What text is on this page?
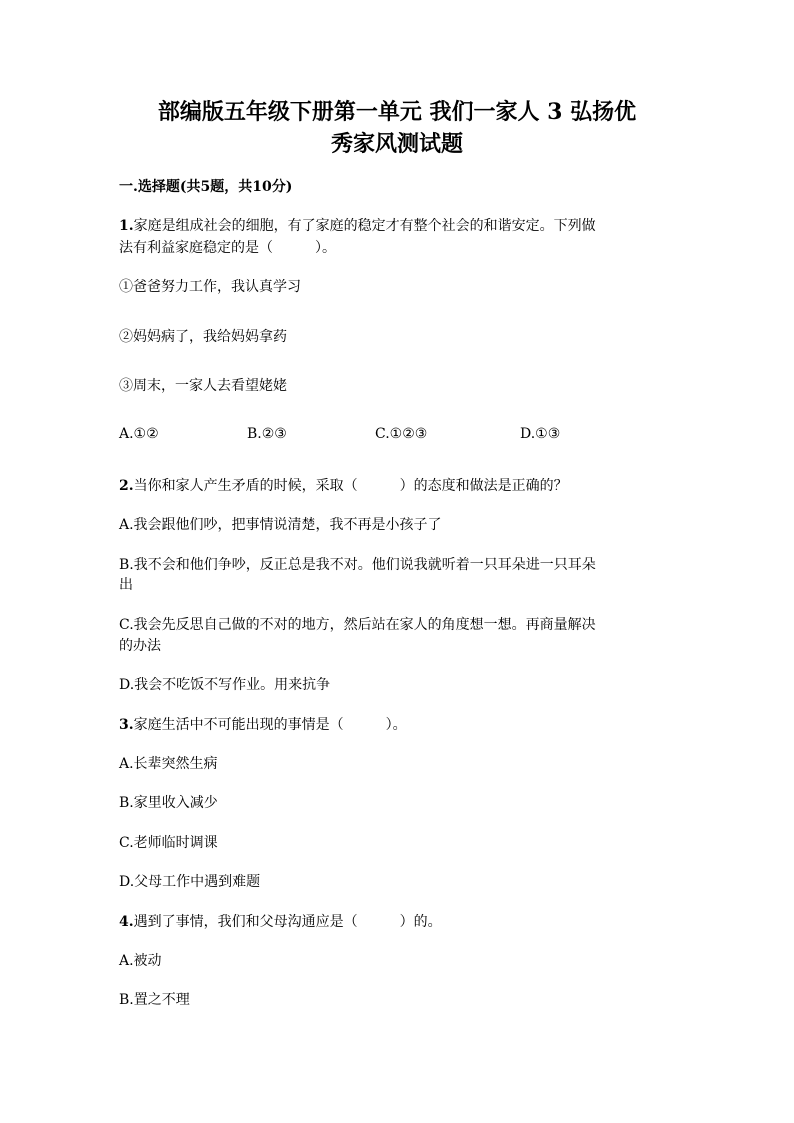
部编版五年级下册第一单元 我们一家人 3 弘扬优
秀家风测试题
一.选择题(共5题，共10分)
1.家庭是组成社会的细胞，有了家庭的稳定才有整个社会的和谐安定。下列做
法有利益家庭稳定的是（　　　）。
①爸爸努力工作，我认真学习
②妈妈病了，我给妈妈拿药
③周末，一家人去看望姥姥
A.①②	B.②③	C.①②③	D.①③
2.当你和家人产生矛盾的时候，采取（　　　）的态度和做法是正确的？
A.我会跟他们吵，把事情说清楚，我不再是小孩子了
B.我不会和他们争吵，反正总是我不对。他们说我就听着一只耳朵进一只耳朵
出
C.我会先反思自己做的不对的地方，然后站在家人的角度想一想。再商量解决
的办法
D.我会不吃饭不写作业。用来抗争
3.家庭生活中不可能出现的事情是（　　　）。
A.长辈突然生病
B.家里收入减少
C.老师临时调课
D.父母工作中遇到难题
4.遇到了事情，我们和父母沟通应是（　　　）的。
A.被动
B.置之不理
